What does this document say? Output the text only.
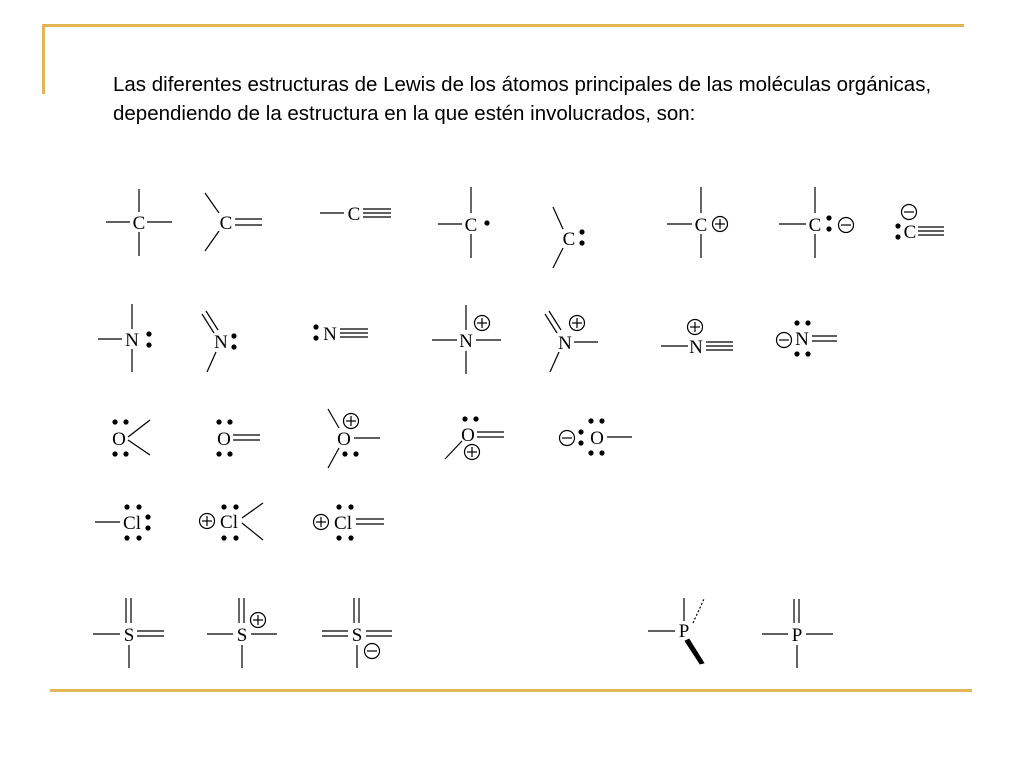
Las diferentes estructuras de Lewis de los átomos principales de las moléculas orgánicas, dependiendo de la estructura en la que estén involucrados, son:
C	C	C
C
C
C	C	C
N	N	N	N	N	N	N
O	O	O	O	O
Cl	Cl	Cl
S	S	S	P	P
